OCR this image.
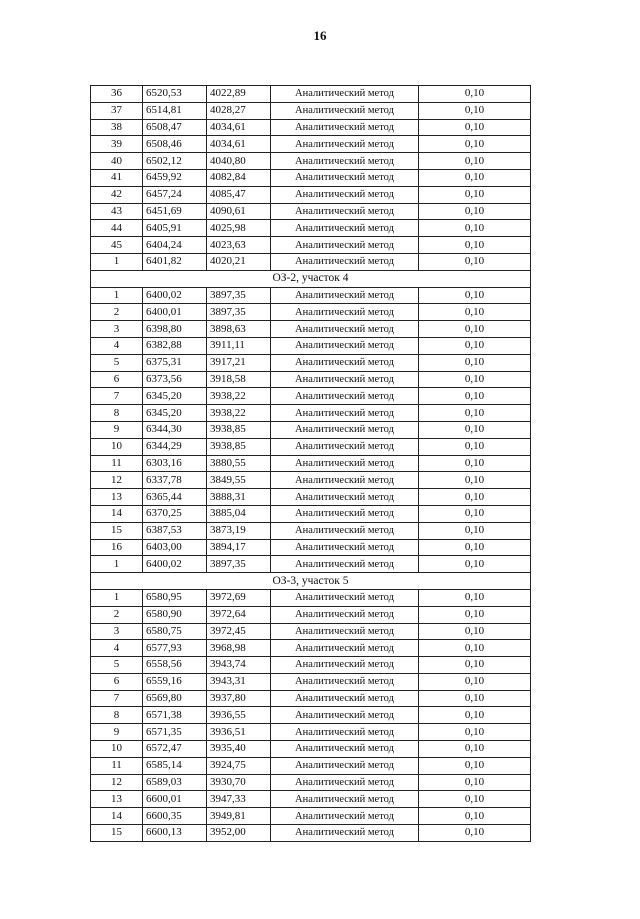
16
36	6520,53	4022,89	Аналитический метод	0,10
37	6514,81	4028,27	Аналитический метод	0,10
38	6508,47	4034,61	Аналитический метод	0,10
39	6508,46	4034,61	Аналитический метод	0,10
40	6502,12	4040,80	Аналитический метод	0,10
41	6459,92	4082,84	Аналитический метод	0,10
42	6457,24	4085,47	Аналитический метод	0,10
43	6451,69	4090,61	Аналитический метод	0,10
44	6405,91	4025,98	Аналитический метод	0,10
45	6404,24	4023,63	Аналитический метод	0,10
1	6401,82	4020,21	Аналитический метод	0,10
ОЗ-2, участок 4				
1	6400,02	3897,35	Аналитический метод	0,10
2	6400,01	3897,35	Аналитический метод	0,10
3	6398,80	3898,63	Аналитический метод	0,10
4	6382,88	3911,11	Аналитический метод	0,10
5	6375,31	3917,21	Аналитический метод	0,10
6	6373,56	3918,58	Аналитический метод	0,10
7	6345,20	3938,22	Аналитический метод	0,10
8	6345,20	3938,22	Аналитический метод	0,10
9	6344,30	3938,85	Аналитический метод	0,10
10	6344,29	3938,85	Аналитический метод	0,10
11	6303,16	3880,55	Аналитический метод	0,10
12	6337,78	3849,55	Аналитический метод	0,10
13	6365,44	3888,31	Аналитический метод	0,10
14	6370,25	3885,04	Аналитический метод	0,10
15	6387,53	3873,19	Аналитический метод	0,10
16	6403,00	3894,17	Аналитический метод	0,10
1	6400,02	3897,35	Аналитический метод	0,10
ОЗ-3, участок 5				
1	6580,95	3972,69	Аналитический метод	0,10
2	6580,90	3972,64	Аналитический метод	0,10
3	6580,75	3972,45	Аналитический метод	0,10
4	6577,93	3968,98	Аналитический метод	0,10
5	6558,56	3943,74	Аналитический метод	0,10
6	6559,16	3943,31	Аналитический метод	0,10
7	6569,80	3937,80	Аналитический метод	0,10
8	6571,38	3936,55	Аналитический метод	0,10
9	6571,35	3936,51	Аналитический метод	0,10
10	6572,47	3935,40	Аналитический метод	0,10
11	6585,14	3924,75	Аналитический метод	0,10
12	6589,03	3930,70	Аналитический метод	0,10
13	6600,01	3947,33	Аналитический метод	0,10
14	6600,35	3949,81	Аналитический метод	0,10
15	6600,13	3952,00	Аналитический метод	0,10
